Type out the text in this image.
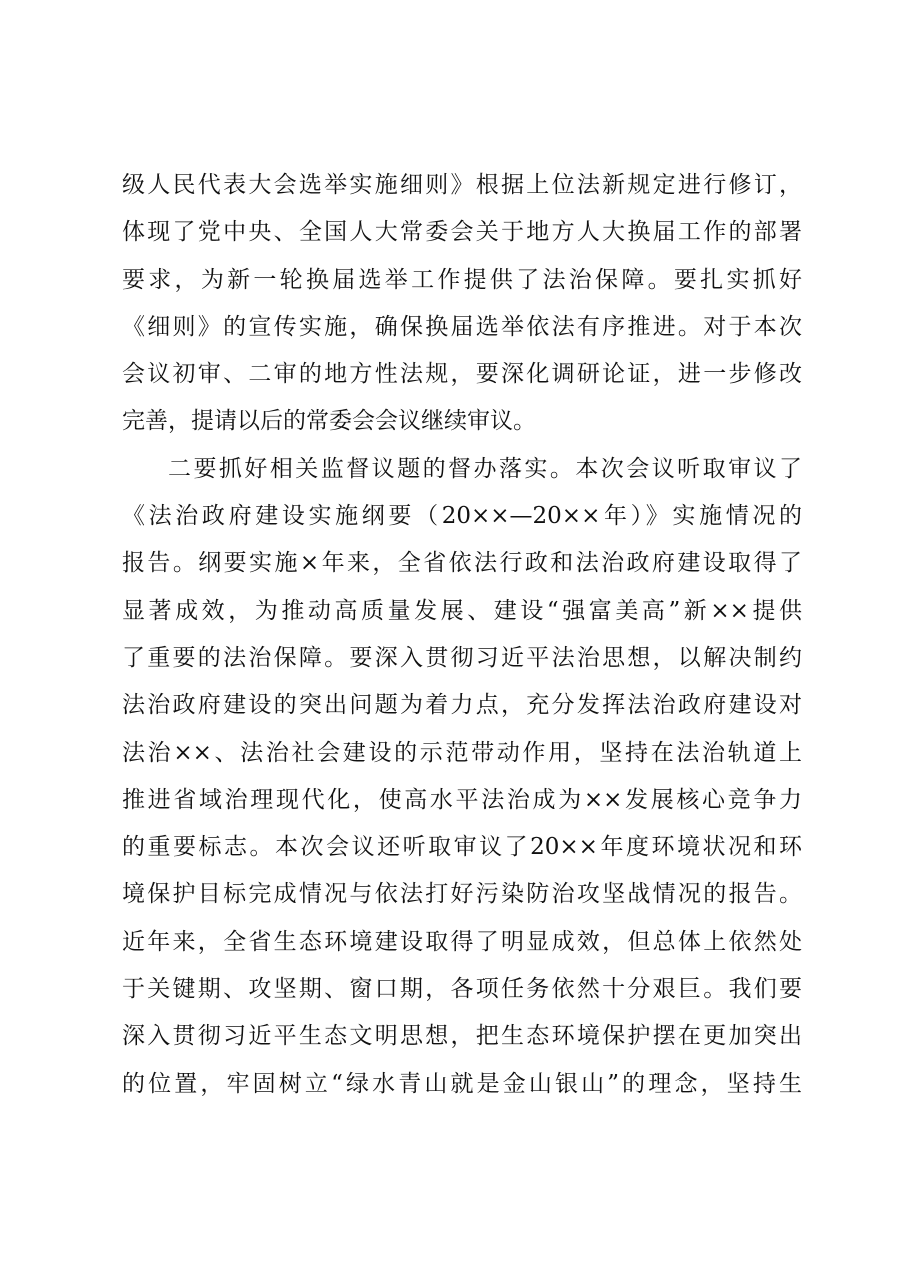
级人民代表大会选举实施细则》根据上位法新规定进行修订，
体现了党中央、全国人大常委会关于地方人大换届工作的部署
要求，为新一轮换届选举工作提供了法治保障。要扎实抓好
《细则》的宣传实施，确保换届选举依法有序推进。对于本次
会议初审、二审的地方性法规，要深化调研论证，进一步修改
完善，提请以后的常委会会议继续审议。
二要抓好相关监督议题的督办落实。本次会议听取审议了
《法治政府建设实施纲要（20××—20××年）》实施情况的
报告。纲要实施×年来，全省依法行政和法治政府建设取得了
显著成效，为推动高质量发展、建设“强富美高”新××提供
了重要的法治保障。要深入贯彻习近平法治思想，以解决制约
法治政府建设的突出问题为着力点，充分发挥法治政府建设对
法治××、法治社会建设的示范带动作用，坚持在法治轨道上
推进省域治理现代化，使高水平法治成为××发展核心竞争力
的重要标志。本次会议还听取审议了20××年度环境状况和环
境保护目标完成情况与依法打好污染防治攻坚战情况的报告。
近年来，全省生态环境建设取得了明显成效，但总体上依然处
于关键期、攻坚期、窗口期，各项任务依然十分艰巨。我们要
深入贯彻习近平生态文明思想，把生态环境保护摆在更加突出
的位置，牢固树立“绿水青山就是金山银山”的理念，坚持生
